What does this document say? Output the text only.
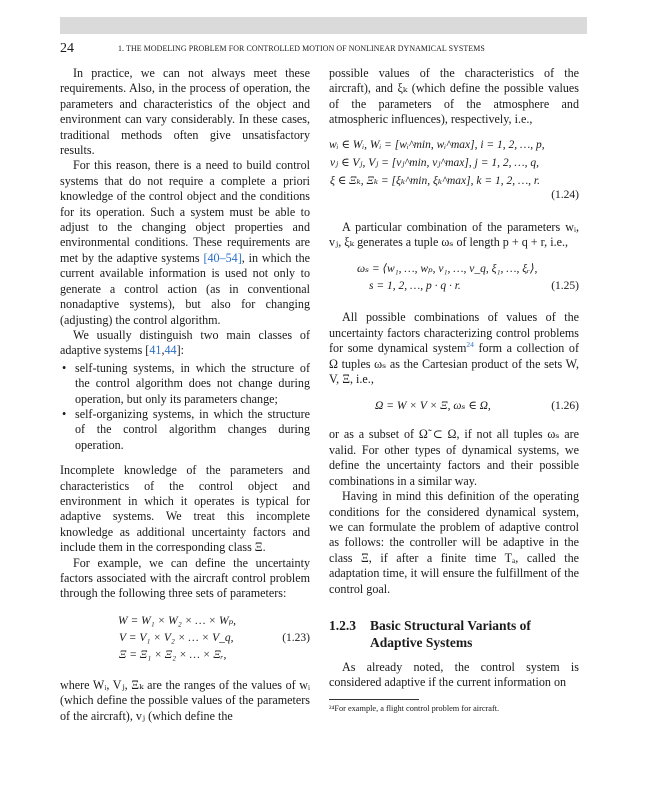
24	1. THE MODELING PROBLEM FOR CONTROLLED MOTION OF NONLINEAR DYNAMICAL SYSTEMS

In practice, we can not always meet these requirements. Also, in the process of operation, the parameters and characteristics of the object and environment can vary considerably. In these cases, traditional methods often give unsatisfactory results.

For this reason, there is a need to build control systems that do not require a complete a priori knowledge of the control object and the conditions for its operation. Such a system must be able to adjust to the changing object properties and environmental conditions. These requirements are met by the adaptive systems [40–54], in which the current available information is used not only to generate a control action (as in conventional nonadaptive systems), but also for changing (adjusting) the control algorithm.

We usually distinguish two main classes of adaptive systems [41,44]:

• self-tuning systems, in which the structure of the control algorithm does not change during operation, but only its parameters change;
• self-organizing systems, in which the structure of the control algorithm changes during operation.

Incomplete knowledge of the parameters and characteristics of the control object and environment in which it operates is typical for adaptive systems. We treat this incomplete knowledge as additional uncertainty factors and include them in the corresponding class Ξ.

For example, we can define the uncertainty factors associated with the aircraft control problem through the following three sets of parameters:

W = W₁ × W₂ × … × Wₚ,
V = V₁ × V₂ × … × V_q,
Ξ = Ξ₁ × Ξ₂ × … × Ξᵣ,
(1.23)

where Wᵢ, Vⱼ, Ξₖ are the ranges of the values of wᵢ (which define the possible values of the parameters of the aircraft), vⱼ (which define the

possible values of the characteristics of the aircraft), and ξₖ (which define the possible values of the parameters of the atmosphere and atmospheric influences), respectively, i.e.,

wᵢ ∈ Wᵢ, Wᵢ = [wᵢ^min, wᵢ^max], i = 1, 2, …, p,
vⱼ ∈ Vⱼ, Vⱼ = [vⱼ^min, vⱼ^max], j = 1, 2, …, q,
ξ ∈ Ξₖ, Ξₖ = [ξₖ^min, ξₖ^max], k = 1, 2, …, r.
(1.24)

A particular combination of the parameters wᵢ, vⱼ, ξₖ generates a tuple ωₛ of length p + q + r, i.e.,

ωₛ = ⟨w₁, …, wₚ, v₁, …, v_q, ξ₁, …, ξᵣ⟩,
s = 1, 2, …, p · q · r.	(1.25)

All possible combinations of values of the uncertainty factors characterizing control problems for some dynamical system$^{24}$ form a collection of Ω tuples ωₛ as the Cartesian product of the sets W, V, Ξ, i.e.,

Ω = W × V × Ξ, ωₛ ∈ Ω,	(1.26)

or as a subset of Ω̃ ⊂ Ω, if not all tuples ωₛ are valid. For other types of dynamical systems, we define the uncertainty factors and their possible combinations in a similar way.

Having in mind this definition of the operating conditions for the considered dynamical system, we can formulate the problem of adaptive control as follows: the controller will be adaptive in the class Ξ, if after a finite time Tₐ, called the adaptation time, it will ensure the fulfillment of the control goal.

1.2.3 Basic Structural Variants of Adaptive Systems

As already noted, the control system is considered adaptive if the current information on

²⁴For example, a flight control problem for aircraft.
